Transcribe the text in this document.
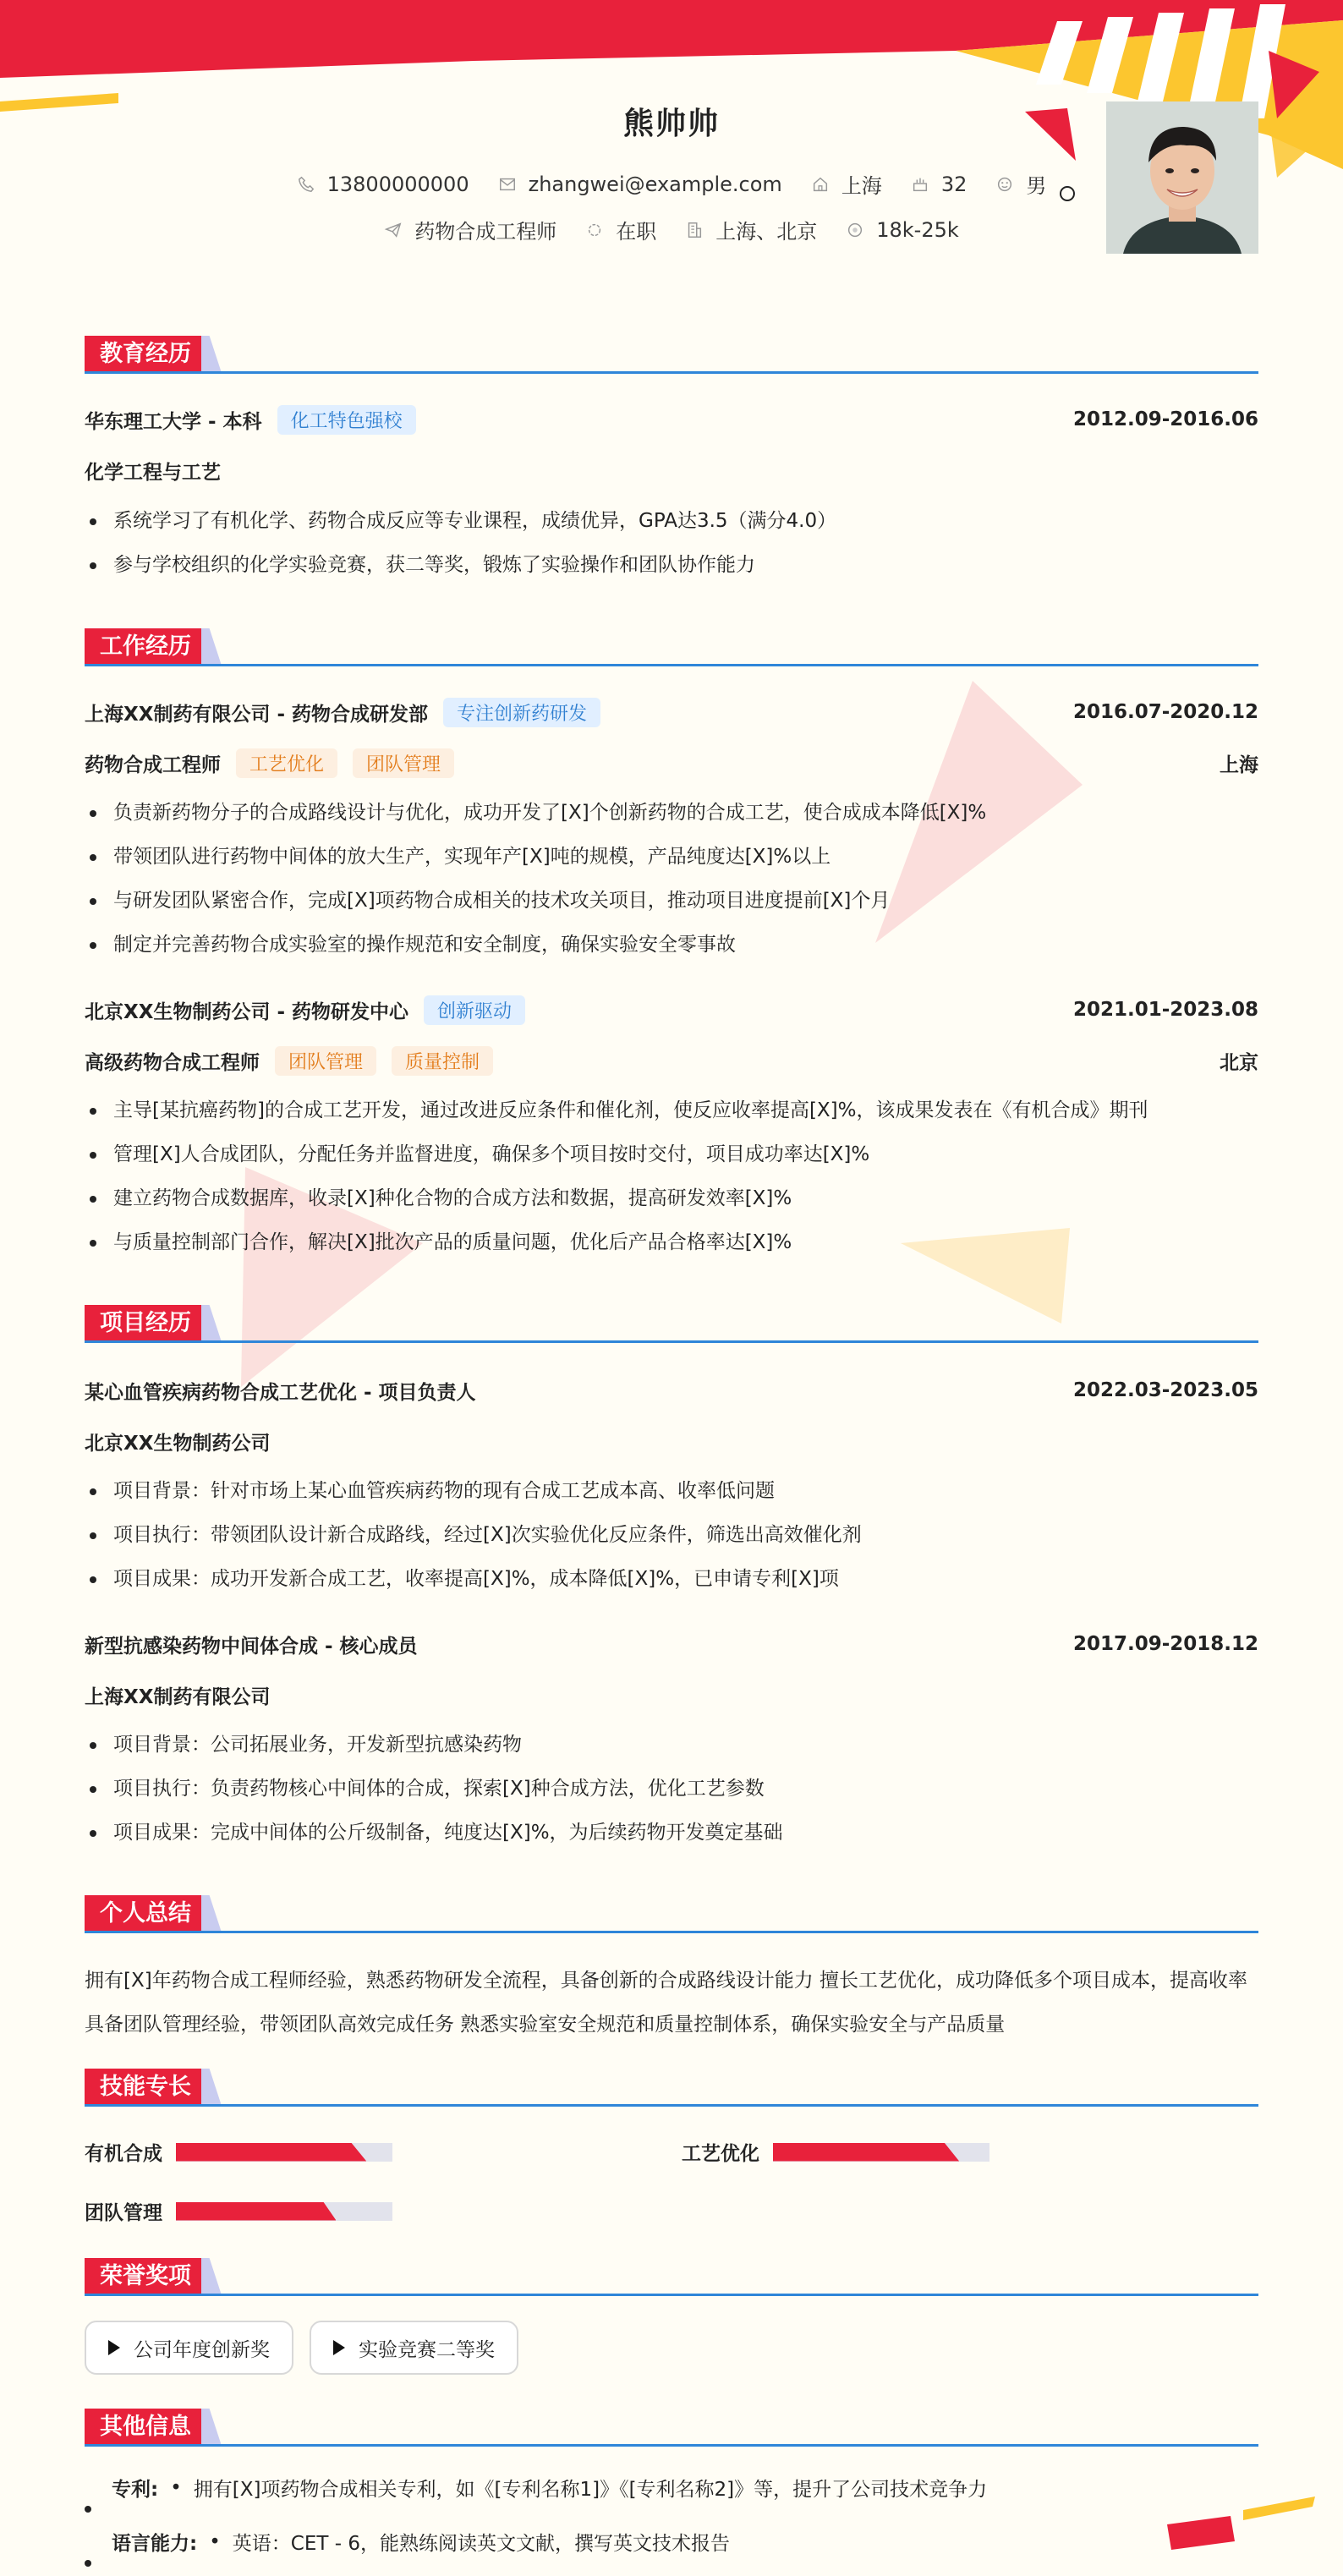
熊帅帅
13800000000	zhangwei@example.com	上海	32	男
药物合成工程师	在职	上海、北京	18k-25k
教育经历
华东理工大学 - 本科	化工特色强校	2012.09-2016.06
化学工程与工艺
系统学习了有机化学、药物合成反应等专业课程，成绩优异，GPA达3.5（满分4.0）
参与学校组织的化学实验竞赛，获二等奖，锻炼了实验操作和团队协作能力
工作经历
上海XX制药有限公司 - 药物合成研发部	专注创新药研发	2016.07-2020.12
药物合成工程师	工艺优化	团队管理	上海
负责新药物分子的合成路线设计与优化，成功开发了[X]个创新药物的合成工艺，使合成成本降低[X]%
带领团队进行药物中间体的放大生产，实现年产[X]吨的规模，产品纯度达[X]%以上
与研发团队紧密合作，完成[X]项药物合成相关的技术攻关项目，推动项目进度提前[X]个月
制定并完善药物合成实验室的操作规范和安全制度，确保实验安全零事故
北京XX生物制药公司 - 药物研发中心	创新驱动	2021.01-2023.08
高级药物合成工程师	团队管理	质量控制	北京
主导[某抗癌药物]的合成工艺开发，通过改进反应条件和催化剂，使反应收率提高[X]%，该成果发表在《有机合成》期刊
管理[X]人合成团队，分配任务并监督进度，确保多个项目按时交付，项目成功率达[X]%
建立药物合成数据库，收录[X]种化合物的合成方法和数据，提高研发效率[X]%
与质量控制部门合作，解决[X]批次产品的质量问题，优化后产品合格率达[X]%
项目经历
某心血管疾病药物合成工艺优化 - 项目负责人	2022.03-2023.05
北京XX生物制药公司
项目背景：针对市场上某心血管疾病药物的现有合成工艺成本高、收率低问题
项目执行：带领团队设计新合成路线，经过[X]次实验优化反应条件，筛选出高效催化剂
项目成果：成功开发新合成工艺，收率提高[X]%，成本降低[X]%，已申请专利[X]项
新型抗感染药物中间体合成 - 核心成员	2017.09-2018.12
上海XX制药有限公司
项目背景：公司拓展业务，开发新型抗感染药物
项目执行：负责药物核心中间体的合成，探索[X]种合成方法，优化工艺参数
项目成果：完成中间体的公斤级制备，纯度达[X]%，为后续药物开发奠定基础
个人总结
拥有[X]年药物合成工程师经验，熟悉药物研发全流程，具备创新的合成路线设计能力 擅长工艺优化，成功降低多个项目成本，提高收率 具备团队管理经验，带领团队高效完成任务 熟悉实验室安全规范和质量控制体系，确保实验安全与产品质量
技能专长
有机合成	工艺优化
团队管理
荣誉奖项
公司年度创新奖	实验竞赛二等奖
其他信息
专利: • 拥有[X]项药物合成相关专利，如《[专利名称1]》《[专利名称2]》等，提升了公司技术竞争力
语言能力: • 英语：CET - 6，能熟练阅读英文文献，撰写英文技术报告
